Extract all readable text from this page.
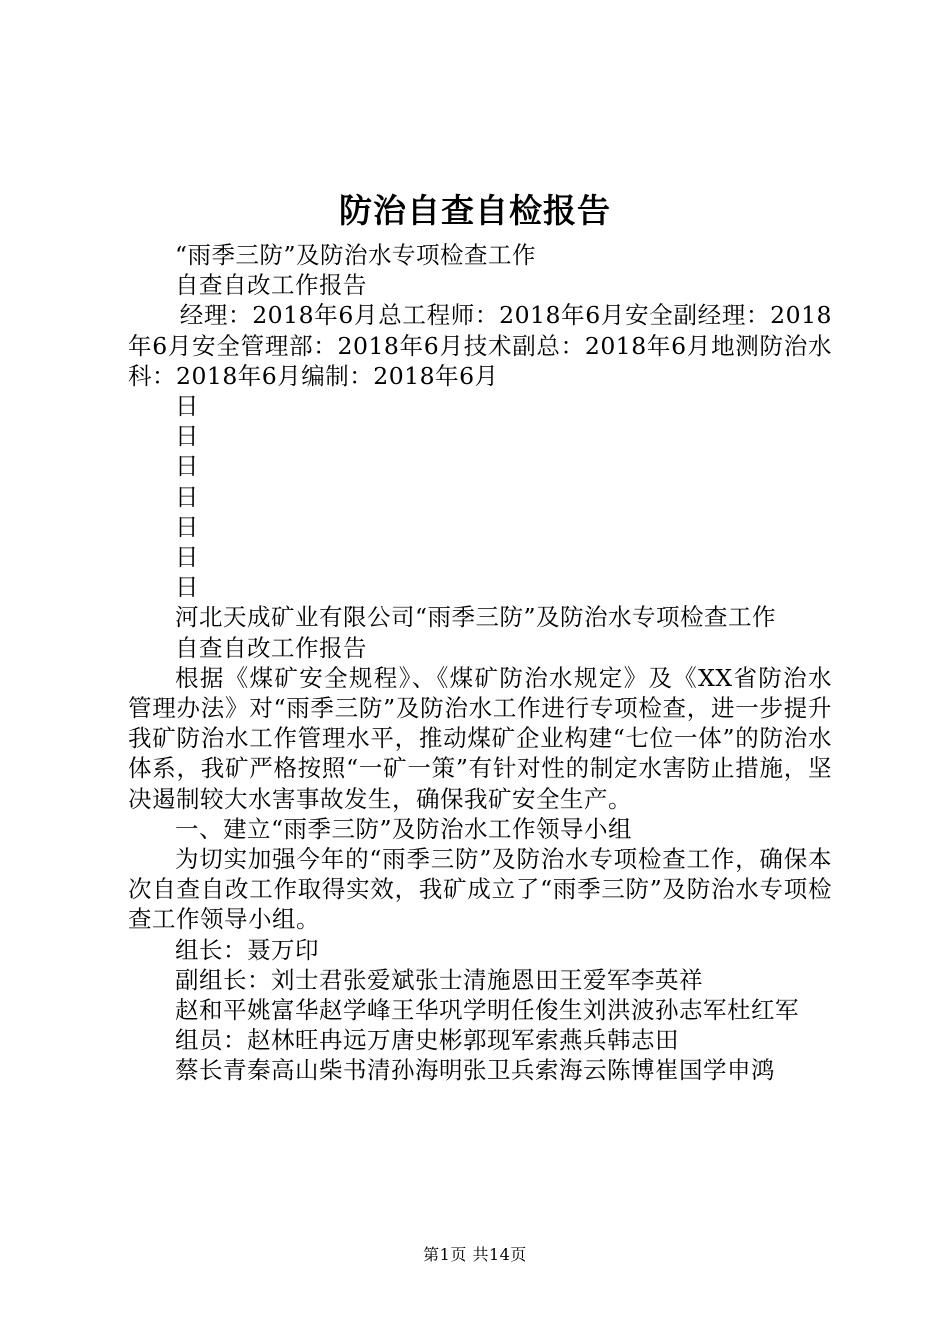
防治自查自检报告

“雨季三防”及防治水专项检查工作

自查自改工作报告

经理：2018年6月总工程师：2018年6月安全副经理：2018年6月安全管理部：2018年6月技术副总：2018年6月地测防治水科：2018年6月编制：2018年6月

日

日

日

日

日

日

日

河北天成矿业有限公司“雨季三防”及防治水专项检查工作

自查自改工作报告

根据《煤矿安全规程》、《煤矿防治水规定》及《XX省防治水管理办法》对“雨季三防”及防治水工作进行专项检查，进一步提升我矿防治水工作管理水平，推动煤矿企业构建“七位一体”的防治水体系，我矿严格按照“一矿一策”有针对性的制定水害防止措施，坚决遏制较大水害事故发生，确保我矿安全生产。

一、建立“雨季三防”及防治水工作领导小组

为切实加强今年的“雨季三防”及防治水专项检查工作，确保本次自查自改工作取得实效，我矿成立了“雨季三防”及防治水专项检查工作领导小组。

组长：聂万印

副组长：刘士君张爱斌张士清施恩田王爱军李英祥

赵和平姚富华赵学峰王华巩学明任俊生刘洪波孙志军杜红军

组员：赵林旺冉远万唐史彬郭现军索燕兵韩志田

蔡长青秦高山柴书清孙海明张卫兵索海云陈博崔国学申鸿

第1页 共14页
